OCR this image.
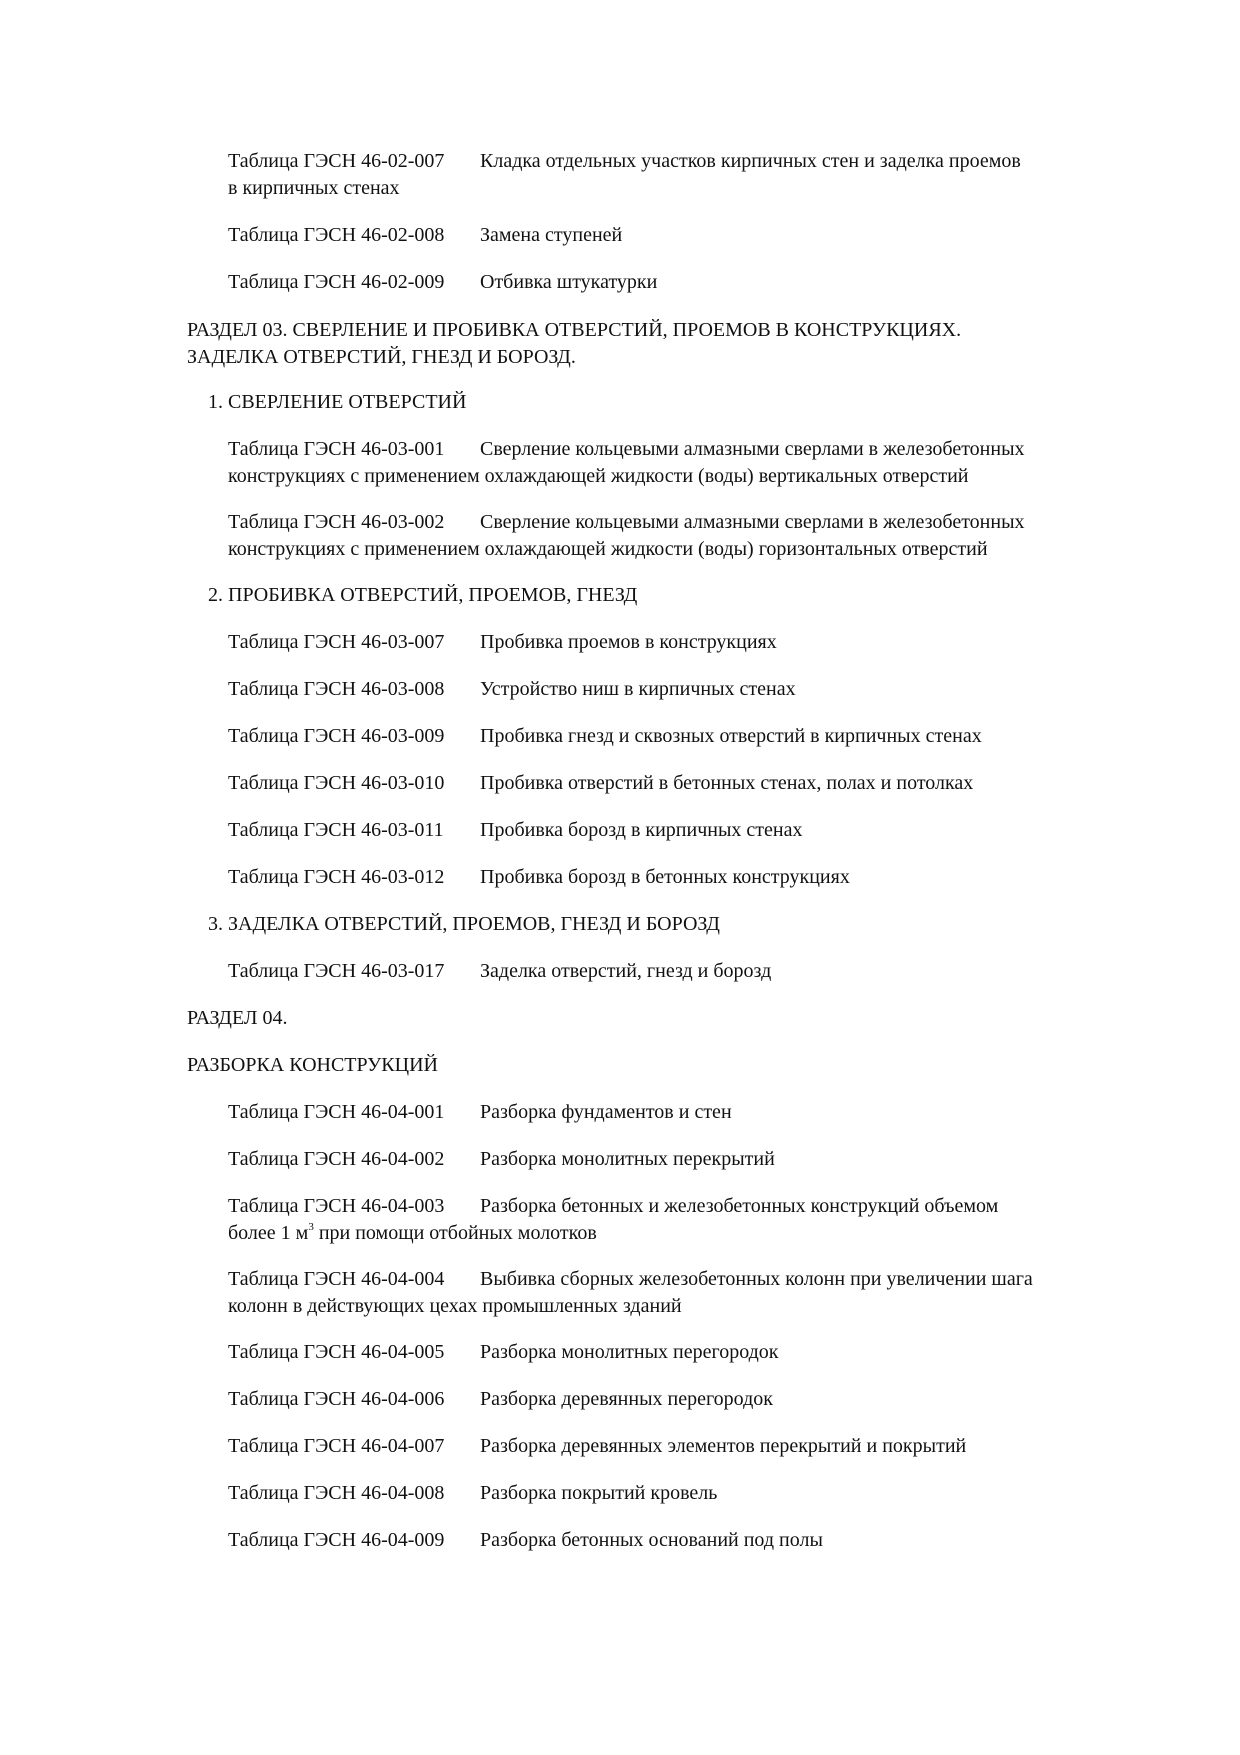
Таблица ГЭСН 46-02-007 Кладка отдельных участков кирпичных стен и заделка проемов
в кирпичных стенах

Таблица ГЭСН 46-02-008 Замена ступеней

Таблица ГЭСН 46-02-009 Отбивка штукатурки

РАЗДЕЛ 03. СВЕРЛЕНИЕ И ПРОБИВКА ОТВЕРСТИЙ, ПРОЕМОВ В КОНСТРУКЦИЯХ.
ЗАДЕЛКА ОТВЕРСТИЙ, ГНЕЗД И БОРОЗД.

1. СВЕРЛЕНИЕ ОТВЕРСТИЙ

Таблица ГЭСН 46-03-001 Сверление кольцевыми алмазными сверлами в железобетонных
конструкциях с применением охлаждающей жидкости (воды) вертикальных отверстий

Таблица ГЭСН 46-03-002 Сверление кольцевыми алмазными сверлами в железобетонных
конструкциях с применением охлаждающей жидкости (воды) горизонтальных отверстий

2. ПРОБИВКА ОТВЕРСТИЙ, ПРОЕМОВ, ГНЕЗД

Таблица ГЭСН 46-03-007 Пробивка проемов в конструкциях

Таблица ГЭСН 46-03-008 Устройство ниш в кирпичных стенах

Таблица ГЭСН 46-03-009 Пробивка гнезд и сквозных отверстий в кирпичных стенах

Таблица ГЭСН 46-03-010 Пробивка отверстий в бетонных стенах, полах и потолках

Таблица ГЭСН 46-03-011 Пробивка борозд в кирпичных стенах

Таблица ГЭСН 46-03-012 Пробивка борозд в бетонных конструкциях

3. ЗАДЕЛКА ОТВЕРСТИЙ, ПРОЕМОВ, ГНЕЗД И БОРОЗД

Таблица ГЭСН 46-03-017 Заделка отверстий, гнезд и борозд

РАЗДЕЛ 04.

РАЗБОРКА КОНСТРУКЦИЙ

Таблица ГЭСН 46-04-001 Разборка фундаментов и стен

Таблица ГЭСН 46-04-002 Разборка монолитных перекрытий

Таблица ГЭСН 46-04-003 Разборка бетонных и железобетонных конструкций объемом
более 1 $м^3$ при помощи отбойных молотков

Таблица ГЭСН 46-04-004 Выбивка сборных железобетонных колонн при увеличении шага
колонн в действующих цехах промышленных зданий

Таблица ГЭСН 46-04-005 Разборка монолитных перегородок

Таблица ГЭСН 46-04-006 Разборка деревянных перегородок

Таблица ГЭСН 46-04-007 Разборка деревянных элементов перекрытий и покрытий

Таблица ГЭСН 46-04-008 Разборка покрытий кровель

Таблица ГЭСН 46-04-009 Разборка бетонных оснований под полы
